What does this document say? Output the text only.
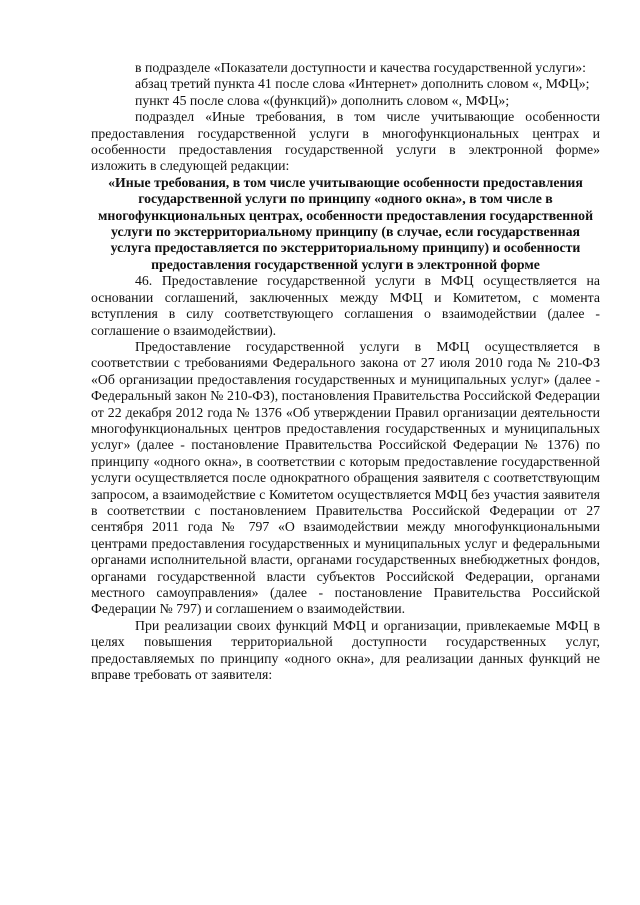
в подразделе «Показатели доступности и качества государственной услуги»:

абзац третий пункта 41 после слова «Интернет» дополнить словом «, МФЦ»;

пункт 45 после слова «(функций)» дополнить словом «, МФЦ»;

подраздел «Иные требования, в том числе учитывающие особенности предоставления государственной услуги в многофункциональных центрах и особенности предоставления государственной услуги в электронной форме» изложить в следующей редакции:

«Иные требования, в том числе учитывающие особенности предоставления государственной услуги по принципу «одного окна», в том числе в многофункциональных центрах, особенности предоставления государственной услуги по экстерриториальному принципу (в случае, если государственная услуга предоставляется по экстерриториальному принципу) и особенности предоставления государственной услуги в электронной форме

46. Предоставление государственной услуги в МФЦ осуществляется на основании соглашений, заключенных между МФЦ и Комитетом, с момента вступления в силу соответствующего соглашения о взаимодействии (далее - соглашение о взаимодействии).

Предоставление государственной услуги в МФЦ осуществляется в соответствии с требованиями Федерального закона от 27 июля 2010 года № 210-ФЗ «Об организации предоставления государственных и муниципальных услуг» (далее - Федеральный закон № 210-ФЗ), постановления Правительства Российской Федерации от 22 декабря 2012 года № 1376 «Об утверждении Правил организации деятельности многофункциональных центров предоставления государственных и муниципальных услуг» (далее - постановление Правительства Российской Федерации № 1376) по принципу «одного окна», в соответствии с которым предоставление государственной услуги осуществляется после однократного обращения заявителя с соответствующим запросом, а взаимодействие с Комитетом осуществляется МФЦ без участия заявителя в соответствии с постановлением Правительства Российской Федерации от 27 сентября 2011 года № 797 «О взаимодействии между многофункциональными центрами предоставления государственных и муниципальных услуг и федеральными органами исполнительной власти, органами государственных внебюджетных фондов, органами государственной власти субъектов Российской Федерации, органами местного самоуправления» (далее - постановление Правительства Российской Федерации № 797) и соглашением о взаимодействии.

При реализации своих функций МФЦ и организации, привлекаемые МФЦ в целях повышения территориальной доступности государственных услуг, предоставляемых по принципу «одного окна», для реализации данных функций не вправе требовать от заявителя:
